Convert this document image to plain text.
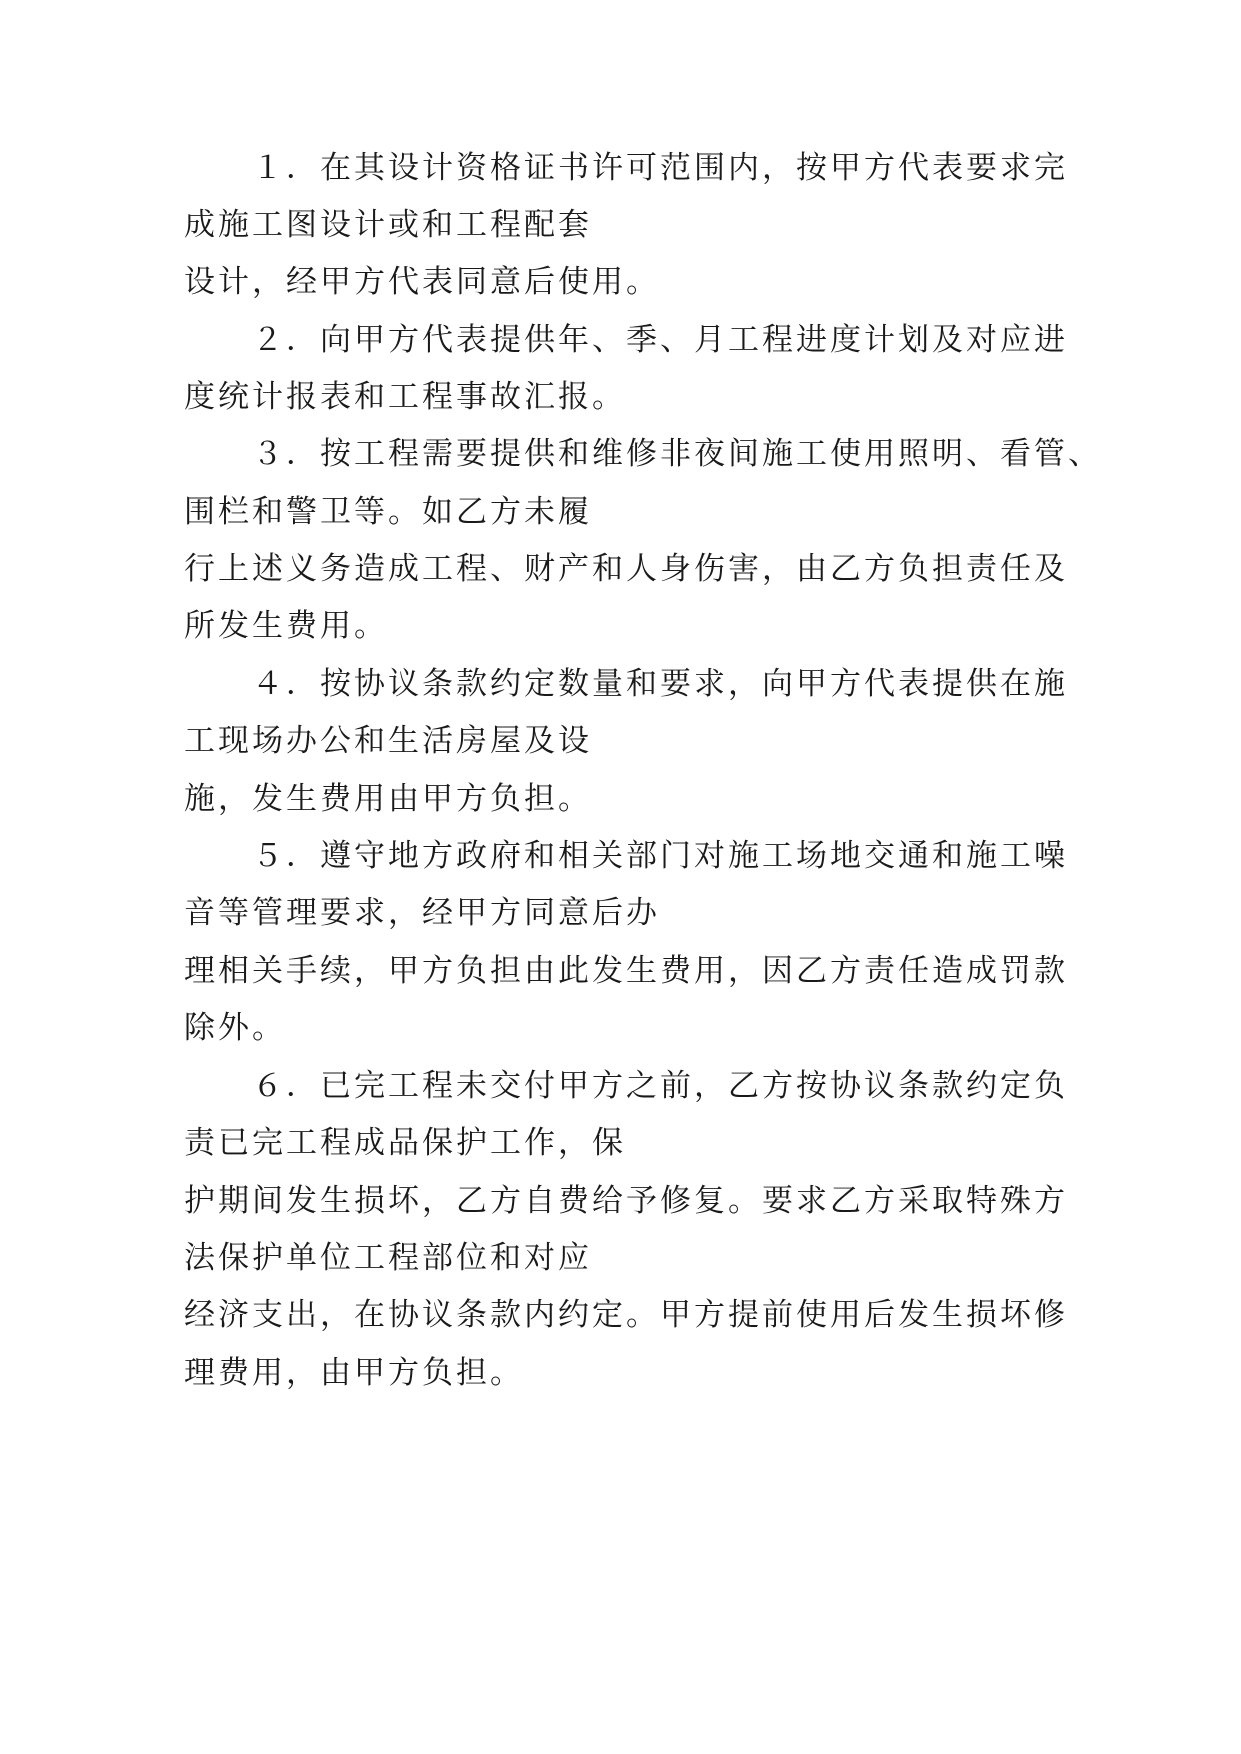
１．在其设计资格证书许可范围内，按甲方代表要求完
成施工图设计或和工程配套
设计，经甲方代表同意后使用。
２．向甲方代表提供年、季、月工程进度计划及对应进
度统计报表和工程事故汇报。
３．按工程需要提供和维修非夜间施工使用照明、看管、
围栏和警卫等。如乙方未履
行上述义务造成工程、财产和人身伤害，由乙方负担责任及
所发生费用。
４．按协议条款约定数量和要求，向甲方代表提供在施
工现场办公和生活房屋及设
施，发生费用由甲方负担。
５．遵守地方政府和相关部门对施工场地交通和施工噪
音等管理要求，经甲方同意后办
理相关手续，甲方负担由此发生费用，因乙方责任造成罚款
除外。
６．已完工程未交付甲方之前，乙方按协议条款约定负
责已完工程成品保护工作，保
护期间发生损坏，乙方自费给予修复。要求乙方采取特殊方
法保护单位工程部位和对应
经济支出，在协议条款内约定。甲方提前使用后发生损坏修
理费用，由甲方负担。
